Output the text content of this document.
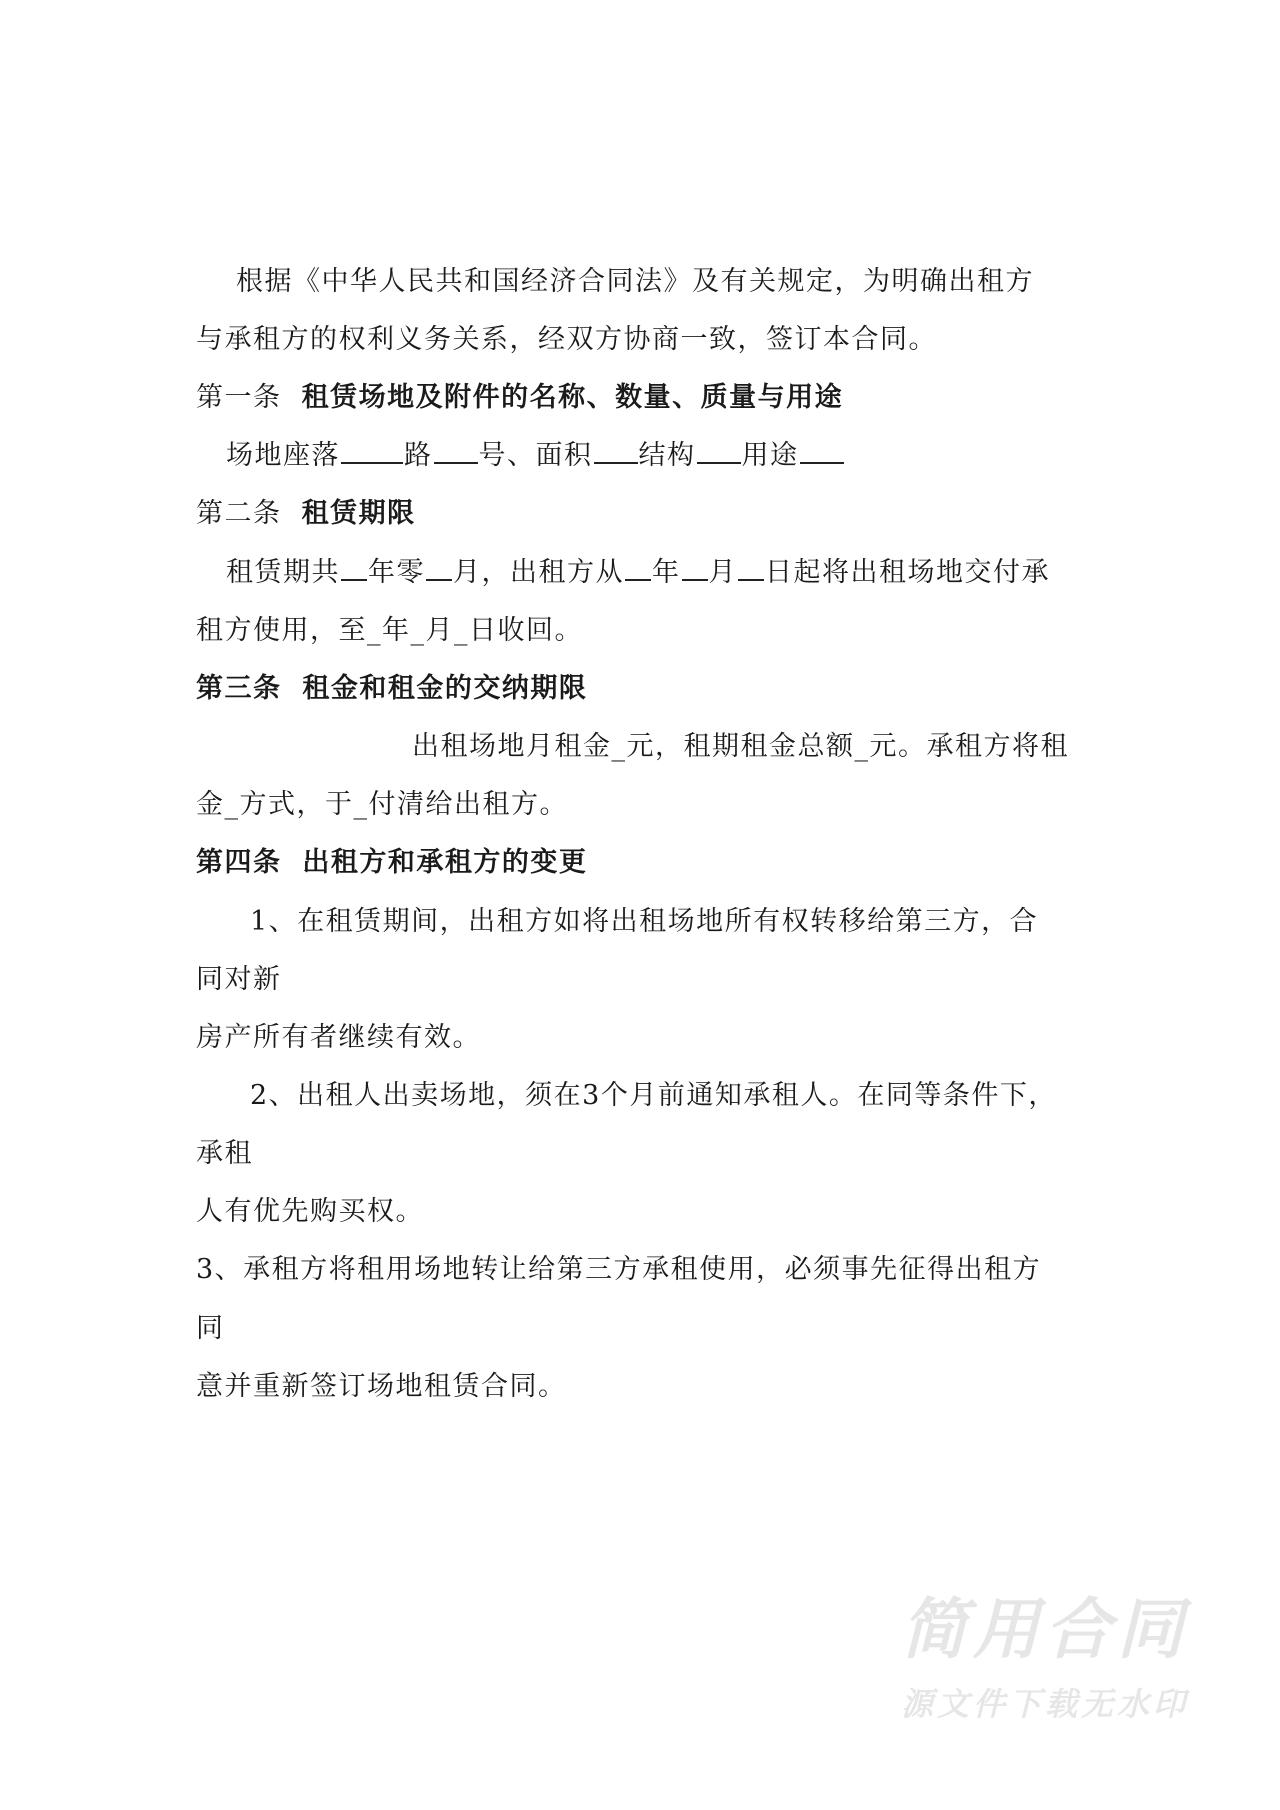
根据《中华人民共和国经济合同法》及有关规定，为明确出租方
与承租方的权利义务关系，经双方协商一致，签订本合同。
第一条 租赁场地及附件的名称、数量、质量与用途
场地座落 路 号、面积 结构 用途
第二条 租赁期限
租赁期共 年零 月，出租方从 年 月 日起将出租场地交付承
租方使用，至_年_月_日收回。
第三条 租金和租金的交纳期限
出租场地月租金_元，租期租金总额_元。承租方将租
金_方式，于_付清给出租方。
第四条 出租方和承租方的变更
1、在租赁期间，出租方如将出租场地所有权转移给第三方，合
同对新
房产所有者继续有效。
2、出租人出卖场地，须在3个月前通知承租人。在同等条件下，
承租
人有优先购买权。
3、承租方将租用场地转让给第三方承租使用，必须事先征得出租方
同
意并重新签订场地租赁合同。
简用合同
源文件下载无水印
